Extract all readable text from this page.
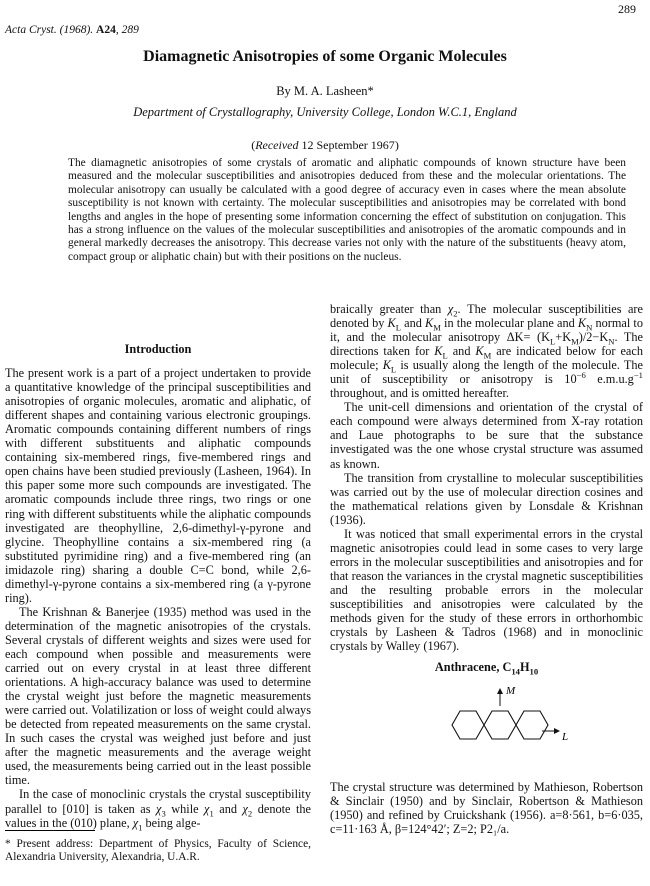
289
Acta Cryst. (1968). A24, 289
Diamagnetic Anisotropies of some Organic Molecules
By M. A. Lasheen*
Department of Crystallography, University College, London W.C.1, England
(Received 12 September 1967)
The diamagnetic anisotropies of some crystals of aromatic and aliphatic compounds of known structure have been measured and the molecular susceptibilities and anisotropies deduced from these and the molecular orientations. The molecular anisotropy can usually be calculated with a good degree of accuracy even in cases where the mean absolute susceptibility is not known with certainty. The molecular susceptibilities and anisotropies may be correlated with bond lengths and angles in the hope of presenting some information concerning the effect of substitution on conjugation. This has a strong influence on the values of the molecular susceptibilities and anisotropies of the aromatic compounds and in general markedly decreases the anisotropy. This decrease varies not only with the nature of the substituents (heavy atom, compact group or aliphatic chain) but with their positions on the nucleus.
Introduction

The present work is a part of a project undertaken to provide a quantitative knowledge of the principal susceptibilities and anisotropies of organic molecules, aromatic and aliphatic, of different shapes and containing various electronic groupings. Aromatic compounds containing different numbers of rings with different substituents and aliphatic compounds containing six-membered rings, five-membered rings and open chains have been studied previously (Lasheen, 1964). In this paper some more such compounds are investigated. The aromatic compounds include three rings, two rings or one ring with different substituents while the aliphatic compounds investigated are theophylline, 2,6-dimethyl-γ-pyrone and glycine. Theophylline contains a six-membered ring (a substituted pyrimidine ring) and a five-membered ring (an imidazole ring) sharing a double C=C bond, while 2,6-dimethyl-γ-pyrone contains a six-membered ring (a γ-pyrone ring).

The Krishnan & Banerjee (1935) method was used in the determination of the magnetic anisotropies of the crystals. Several crystals of different weights and sizes were used for each compound when possible and measurements were carried out on every crystal in at least three different orientations. A high-accuracy balance was used to determine the crystal weight just before the magnetic measurements were carried out. Volatilization or loss of weight could always be detected from repeated measurements on the same crystal. In such cases the crystal was weighed just before and just after the magnetic measurements and the average weight used, the measurements being carried out in the least possible time.

In the case of monoclinic crystals the crystal susceptibility parallel to [010] is taken as $\chi_3$ while $\chi_1$ and $\chi_2$ denote the values in the (010) plane, $\chi_1$ being alge-

braically greater than $\chi_2$. The molecular susceptibilities are denoted by $K_L$ and $K_M$ in the molecular plane and $K_N$ normal to it, and the molecular anisotropy $\Delta K= (K_L+K_M)/2-K_N$. The directions taken for $K_L$ and $K_M$ are indicated below for each molecule; $K_L$ is usually along the length of the molecule. The unit of susceptibility or anisotropy is $10^{-6}$ $e.m.u.g^{-1}$ throughout, and is omitted hereafter.

The unit-cell dimensions and orientation of the crystal of each compound were always determined from X-ray rotation and Laue photographs to be sure that the substance investigated was the one whose crystal structure was assumed as known.

The transition from crystalline to molecular susceptibilities was carried out by the use of molecular direction cosines and the mathematical relations given by Lonsdale & Krishnan (1936).

It was noticed that small experimental errors in the crystal magnetic anisotropies could lead in some cases to very large errors in the molecular susceptibilities and anisotropies and for that reason the variances in the crystal magnetic susceptibilities and the resulting probable errors in the molecular susceptibilities and anisotropies were calculated by the methods given for the study of these errors in orthorhombic crystals by Lasheen & Tadros (1968) and in monoclinic crystals by Walley (1967).

Anthracene, $C_{14}H_{10}$
M
L
The crystal structure was determined by Mathieson, Robertson & Sinclair (1950) and by Sinclair, Robertson & Mathieson (1950) and refined by Cruickshank (1956). a=8·561, b=6·035, c=11·163 Å, β=124°42′; Z=2; P2₁/a.
* Present address: Department of Physics, Faculty of Science, Alexandria University, Alexandria, U.A.R.
